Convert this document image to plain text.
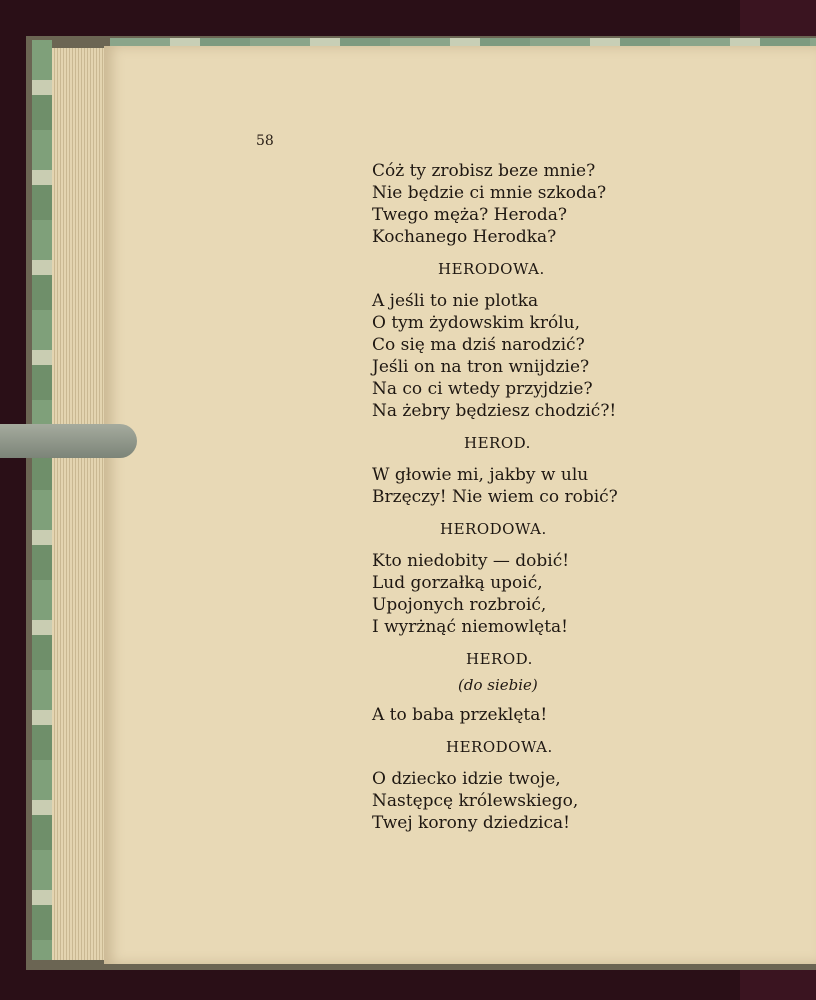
58
Cóż ty zrobisz beze mnie?
Nie będzie ci mnie szkoda?
Twego męża? Heroda?
Kochanego Herodka?
HERODOWA.
A jeśli to nie plotka
O tym żydowskim królu,
Co się ma dziś narodzić?
Jeśli on na tron wnijdzie?
Na co ci wtedy przyjdzie?
Na żebry będziesz chodzić?!
HEROD.
W głowie mi, jakby w ulu
Brzęczy! Nie wiem co robić?
HERODOWA.
Kto niedobity — dobić!
Lud gorzałką upoić,
Upojonych rozbroić,
I wyrżnąć niemowlęta!
HEROD.
(do siebie)
A to baba przeklęta!
HERODOWA.
O dziecko idzie twoje,
Następcę królewskiego,
Twej korony dziedzica!
